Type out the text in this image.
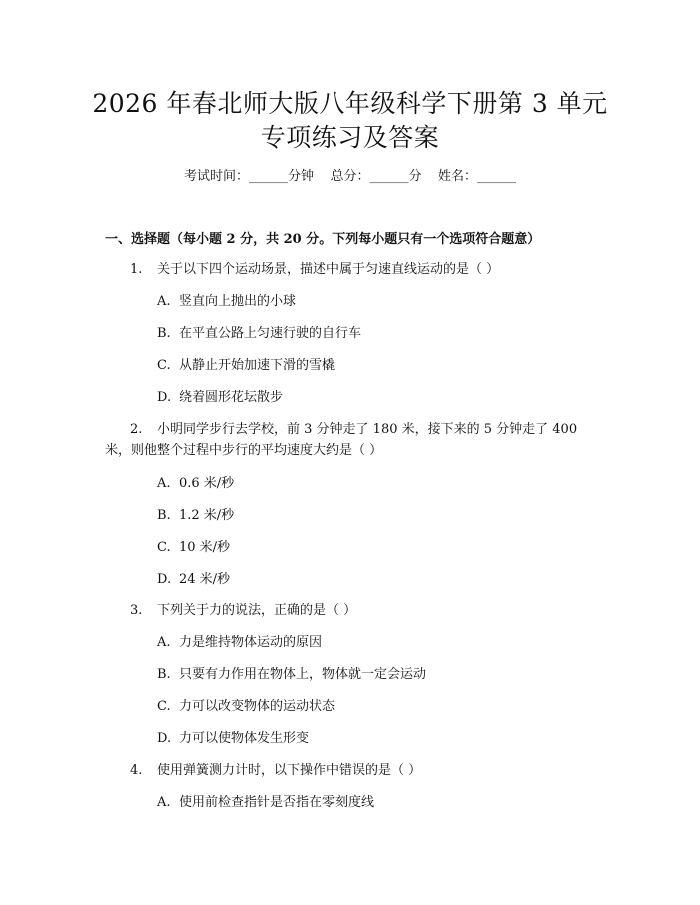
2026 年春北师大版八年级科学下册第 3 单元
专项练习及答案
考试时间：______分钟    总分：______分    姓名：______
一、选择题（每小题 2 分，共 20 分。下列每小题只有一个选项符合题意）
1. 关于以下四个运动场景，描述中属于匀速直线运动的是（ ）
A. 竖直向上抛出的小球
B. 在平直公路上匀速行驶的自行车
C. 从静止开始加速下滑的雪橇
D. 绕着圆形花坛散步
2. 小明同学步行去学校，前 3 分钟走了 180 米，接下来的 5 分钟走了 400
米，则他整个过程中步行的平均速度大约是（ ）
A. 0.6 米/秒
B. 1.2 米/秒
C. 10 米/秒
D. 24 米/秒
3. 下列关于力的说法，正确的是（ ）
A. 力是维持物体运动的原因
B. 只要有力作用在物体上，物体就一定会运动
C. 力可以改变物体的运动状态
D. 力可以使物体发生形变
4. 使用弹簧测力计时，以下操作中错误的是（ ）
A. 使用前检查指针是否指在零刻度线
